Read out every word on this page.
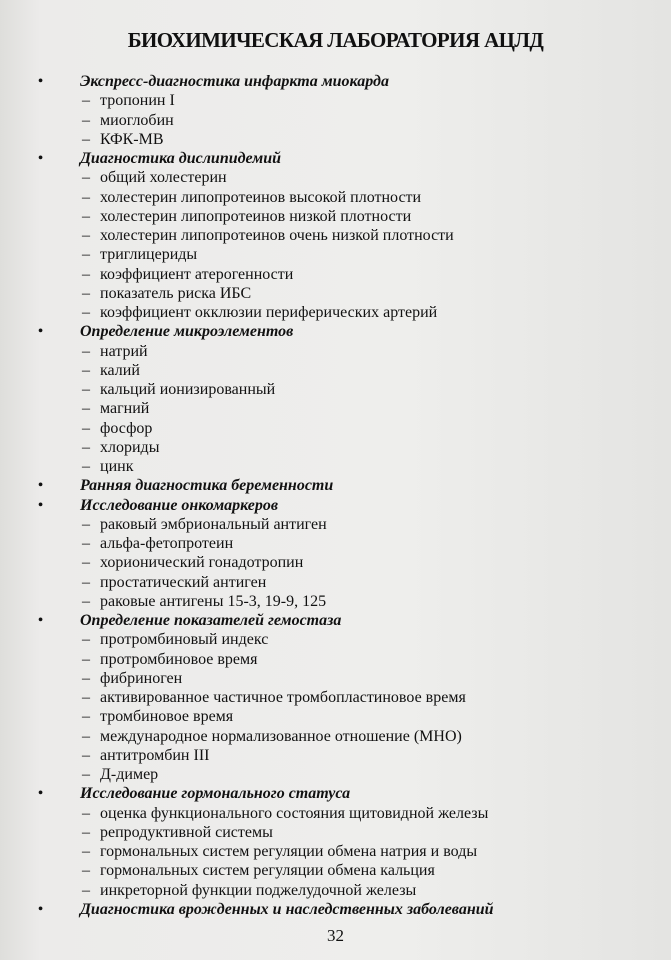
БИОХИМИЧЕСКАЯ ЛАБОРАТОРИЯ АЦЛД
• Экспресс-диагностика инфаркта миокарда
– тропонин I
– миоглобин
– КФК-МВ
• Диагностика дислипидемий
– общий холестерин
– холестерин липопротеинов высокой плотности
– холестерин липопротеинов низкой плотности
– холестерин липопротеинов очень низкой плотности
– триглицериды
– коэффициент атерогенности
– показатель риска ИБС
– коэффициент окклюзии периферических артерий
• Определение микроэлементов
– натрий
– калий
– кальций ионизированный
– магний
– фосфор
– хлориды
– цинк
• Ранняя диагностика беременности
• Исследование онкомаркеров
– раковый эмбриональный антиген
– альфа-фетопротеин
– хорионический гонадотропин
– простатический антиген
– раковые антигены 15-3, 19-9, 125
• Определение показателей гемостаза
– протромбиновый индекс
– протромбиновое время
– фибриноген
– активированное частичное тромбопластиновое время
– тромбиновое время
– международное нормализованное отношение (МНО)
– антитромбин III
– Д-димер
• Исследование гормонального статуса
– оценка функционального состояния щитовидной железы
– репродуктивной системы
– гормональных систем регуляции обмена натрия и воды
– гормональных систем регуляции обмена кальция
– инкреторной функции поджелудочной железы
• Диагностика врожденных и наследственных заболеваний
32
